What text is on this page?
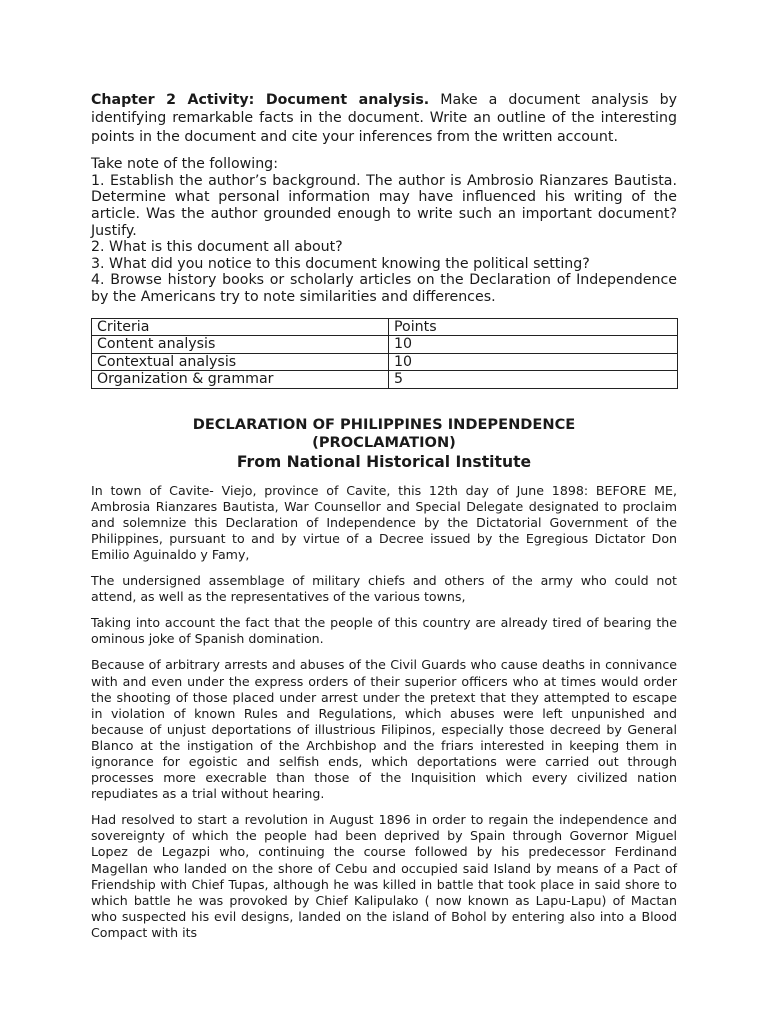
Chapter 2 Activity: Document analysis. Make a document analysis by identifying remarkable facts in the document. Write an outline of the interesting points in the document and cite your inferences from the written account.

Take note of the following:

1. Establish the author’s background. The author is Ambrosio Rianzares Bautista. Determine what personal information may have influenced his writing of the article. Was the author grounded enough to write such an important document? Justify.

2. What is this document all about?

3. What did you notice to this document knowing the political setting?

4. Browse history books or scholarly articles on the Declaration of Independence by the Americans try to note similarities and differences.

Criteria	Points
Content analysis	10
Contextual analysis	10
Organization & grammar	5
DECLARATION OF PHILIPPINES INDEPENDENCE
(PROCLAMATION)
From National Historical Institute

In town of Cavite- Viejo, province of Cavite, this 12th day of June 1898: BEFORE ME, Ambrosia Rianzares Bautista, War Counsellor and Special Delegate designated to proclaim and solemnize this Declaration of Independence by the Dictatorial Government of the Philippines, pursuant to and by virtue of a Decree issued by the Egregious Dictator Don Emilio Aguinaldo y Famy,

The undersigned assemblage of military chiefs and others of the army who could not attend, as well as the representatives of the various towns,

Taking into account the fact that the people of this country are already tired of bearing the ominous joke of Spanish domination.

Because of arbitrary arrests and abuses of the Civil Guards who cause deaths in connivance with and even under the express orders of their superior officers who at times would order the shooting of those placed under arrest under the pretext that they attempted to escape in violation of known Rules and Regulations, which abuses were left unpunished and because of unjust deportations of illustrious Filipinos, especially those decreed by General Blanco at the instigation of the Archbishop and the friars interested in keeping them in ignorance for egoistic and selfish ends, which deportations were carried out through processes more execrable than those of the Inquisition which every civilized nation repudiates as a trial without hearing.

Had resolved to start a revolution in August 1896 in order to regain the independence and sovereignty of which the people had been deprived by Spain through Governor Miguel Lopez de Legazpi who, continuing the course followed by his predecessor Ferdinand Magellan who landed on the shore of Cebu and occupied said Island by means of a Pact of Friendship with Chief Tupas, although he was killed in battle that took place in said shore to which battle he was provoked by Chief Kalipulako ( now known as Lapu-Lapu) of Mactan who suspected his evil designs, landed on the island of Bohol by entering also into a Blood Compact with its
